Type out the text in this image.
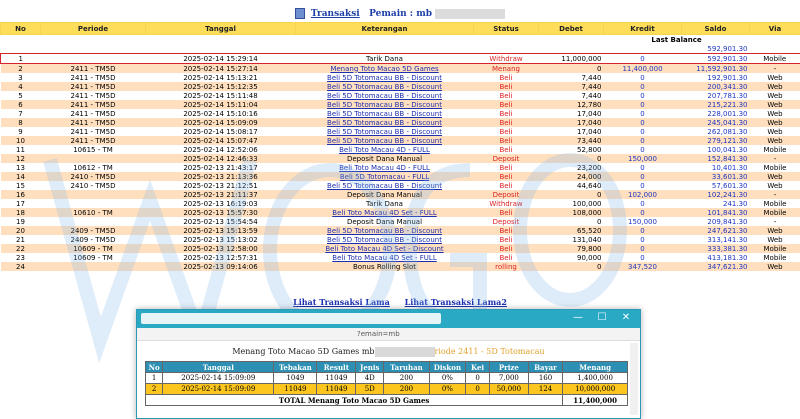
Transaksi Pemain : mb
No	Periode	Tanggal	Keterangan	Status	Debet	Kredit	Saldo	Via
						Last Balance		
							592,901.30	
1		2025-02-14 15:29:14	Tarik Dana	Withdraw	11,000,000	0	592,901.30	Mobile
2	2411 - TM5D	2025-02-14 15:27:14	Menang Toto Macao 5D Games	Menang	0	11,400,000	11,592,901.30	-
3	2411 - TM5D	2025-02-14 15:13:21	Beli 5D Totomacau BB - Discount	Beli	7,440	0	192,901.30	Web
4	2411 - TM5D	2025-02-14 15:12:35	Beli 5D Totomacau BB - Discount	Beli	7,440	0	200,341.30	Web
5	2411 - TM5D	2025-02-14 15:11:48	Beli 5D Totomacau BB - Discount	Beli	7,440	0	207,781.30	Web
6	2411 - TM5D	2025-02-14 15:11:04	Beli 5D Totomacau BB - Discount	Beli	12,780	0	215,221.30	Web
7	2411 - TM5D	2025-02-14 15:10:16	Beli 5D Totomacau BB - Discount	Beli	17,040	0	228,001.30	Web
8	2411 - TM5D	2025-02-14 15:09:09	Beli 5D Totomacau BB - Discount	Beli	17,040	0	245,041.30	Web
9	2411 - TM5D	2025-02-14 15:08:17	Beli 5D Totomacau BB - Discount	Beli	17,040	0	262,081.30	Web
10	2411 - TM5D	2025-02-14 15:07:47	Beli 5D Totomacau BB - Discount	Beli	73,440	0	279,121.30	Web
11	10615 - TM	2025-02-14 12:52:06	Beli Toto Macau 4D - FULL	Beli	52,800	0	100,041.30	Mobile
12		2025-02-14 12:46:33	Deposit Dana Manual	Deposit	0	150,000	152,841.30	-
13	10612 - TM	2025-02-13 21:43:17	Beli Toto Macau 4D - FULL	Beli	23,200	0	10,401.30	Mobile
14	2410 - TM5D	2025-02-13 21:13:36	Beli 5D Totomacau - FULL	Beli	24,000	0	33,601.30	Web
15	2410 - TM5D	2025-02-13 21:12:51	Beli 5D Totomacau BB - Discount	Beli	44,640	0	57,601.30	Web
16		2025-02-13 21:11:37	Deposit Dana Manual	Deposit	0	102,000	102,241.30	-
17		2025-02-13 16:19:03	Tarik Dana	Withdraw	100,000	0	241.30	Mobile
18	10610 - TM	2025-02-13 15:57:30	Beli Toto Macau 4D Set - FULL	Beli	108,000	0	101,841.30	Mobile
19		2025-02-13 15:54:54	Deposit Dana Manual	Deposit	0	150,000	209,841.30	-
20	2409 - TM5D	2025-02-13 15:13:59	Beli 5D Totomacau BB - Discount	Beli	65,520	0	247,621.30	Web
21	2409 - TM5D	2025-02-13 15:13:02	Beli 5D Totomacau BB - Discount	Beli	131,040	0	313,141.30	Web
22	10609 - TM	2025-02-13 12:58:00	Beli Toto Macau 4D Set - Discount	Beli	79,800	0	333,381.30	Mobile
23	10609 - TM	2025-02-13 12:57:31	Beli Toto Macau 4D Set - FULL	Beli	90,000	0	413,181.30	Mobile
24		2025-02-13 09:14:06	Bonus Rolling Slot	rolling	0	347,520	347,621.30	Web
Lihat Transaksi Lama Lihat Transaksi Lama2
—	☐	✕
?emain=mb
Menang Toto Macao 5D Games mb	riode 2411 - 5D Totomacau
No	Tanggal	Tebakan	Result	Jenis	Taruhan	Diskon	Kei	Prize	Bayar	Menang
1	2025-02-14 15:09:09	1049	11049	4D	200	0%	0	7,000	160	1,400,000
2	2025-02-14 15:09:09	11049	11049	5D	200	0%	0	50,000	124	10,000,000
TOTAL Menang Toto Macao 5D Games										11,400,000
